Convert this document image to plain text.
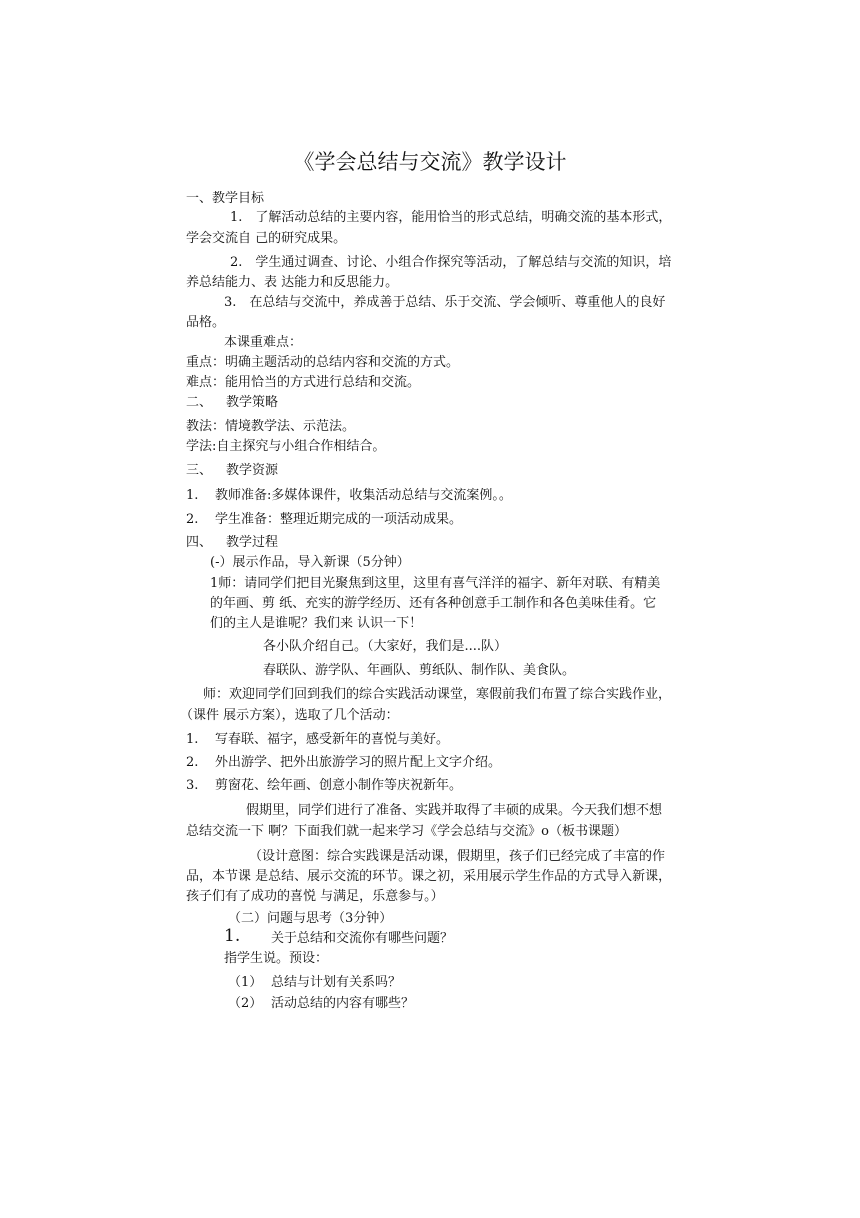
《学会总结与交流》教学设计
一、教学目标
1.　了解活动总结的主要内容，能用恰当的形式总结，明确交流的基本形式，
学会交流自 己的研究成果。
2.　学生通过调查、讨论、小组合作探究等活动，了解总结与交流的知识，培
养总结能力、表 达能力和反思能力。
3.　在总结与交流中，养成善于总结、乐于交流、学会倾听、尊重他人的良好
品格。
本课重难点：
重点：明确主题活动的总结内容和交流的方式。
难点：能用恰当的方式进行总结和交流。
二、 教学策略
教法：情境教学法、示范法。
学法:自主探究与小组合作相结合。
三、 教学资源
1. 教师准备:多媒体课件，收集活动总结与交流案例。。
2. 学生准备：整理近期完成的一项活动成果。
四、 教学过程
(-）展示作品，导入新课（5分钟）
1师：请同学们把目光聚焦到这里，这里有喜气洋洋的福字、新年对联、有精美
的年画、剪 纸、充实的游学经历、还有各种创意手工制作和各色美味佳肴。它
们的主人是谁呢？我们来 认识一下！
各小队介绍自己。（大家好，我们是....队）
春联队、游学队、年画队、剪纸队、制作队、美食队。
师：欢迎同学们回到我们的综合实践活动课堂，寒假前我们布置了综合实践作业，
（课件 展示方案），选取了几个活动：
1. 写春联、福字，感受新年的喜悦与美好。
2. 外出游学、把外出旅游学习的照片配上文字介绍。
3. 剪窗花、绘年画、创意小制作等庆祝新年。
假期里，同学们进行了准备、实践并取得了丰硕的成果。今天我们想不想
总结交流一下 啊？下面我们就一起来学习《学会总结与交流》o（板书课题）
（设计意图：综合实践课是活动课，假期里，孩子们已经完成了丰富的作
品，本节课 是总结、展示交流的环节。课之初，采用展示学生作品的方式导入新课，
孩子们有了成功的喜悦 与满足，乐意参与。）
（二）问题与思考（3分钟）
1. 关于总结和交流你有哪些问题？
指学生说。预设：
（1） 总结与计划有关系吗？
（2） 活动总结的内容有哪些？
